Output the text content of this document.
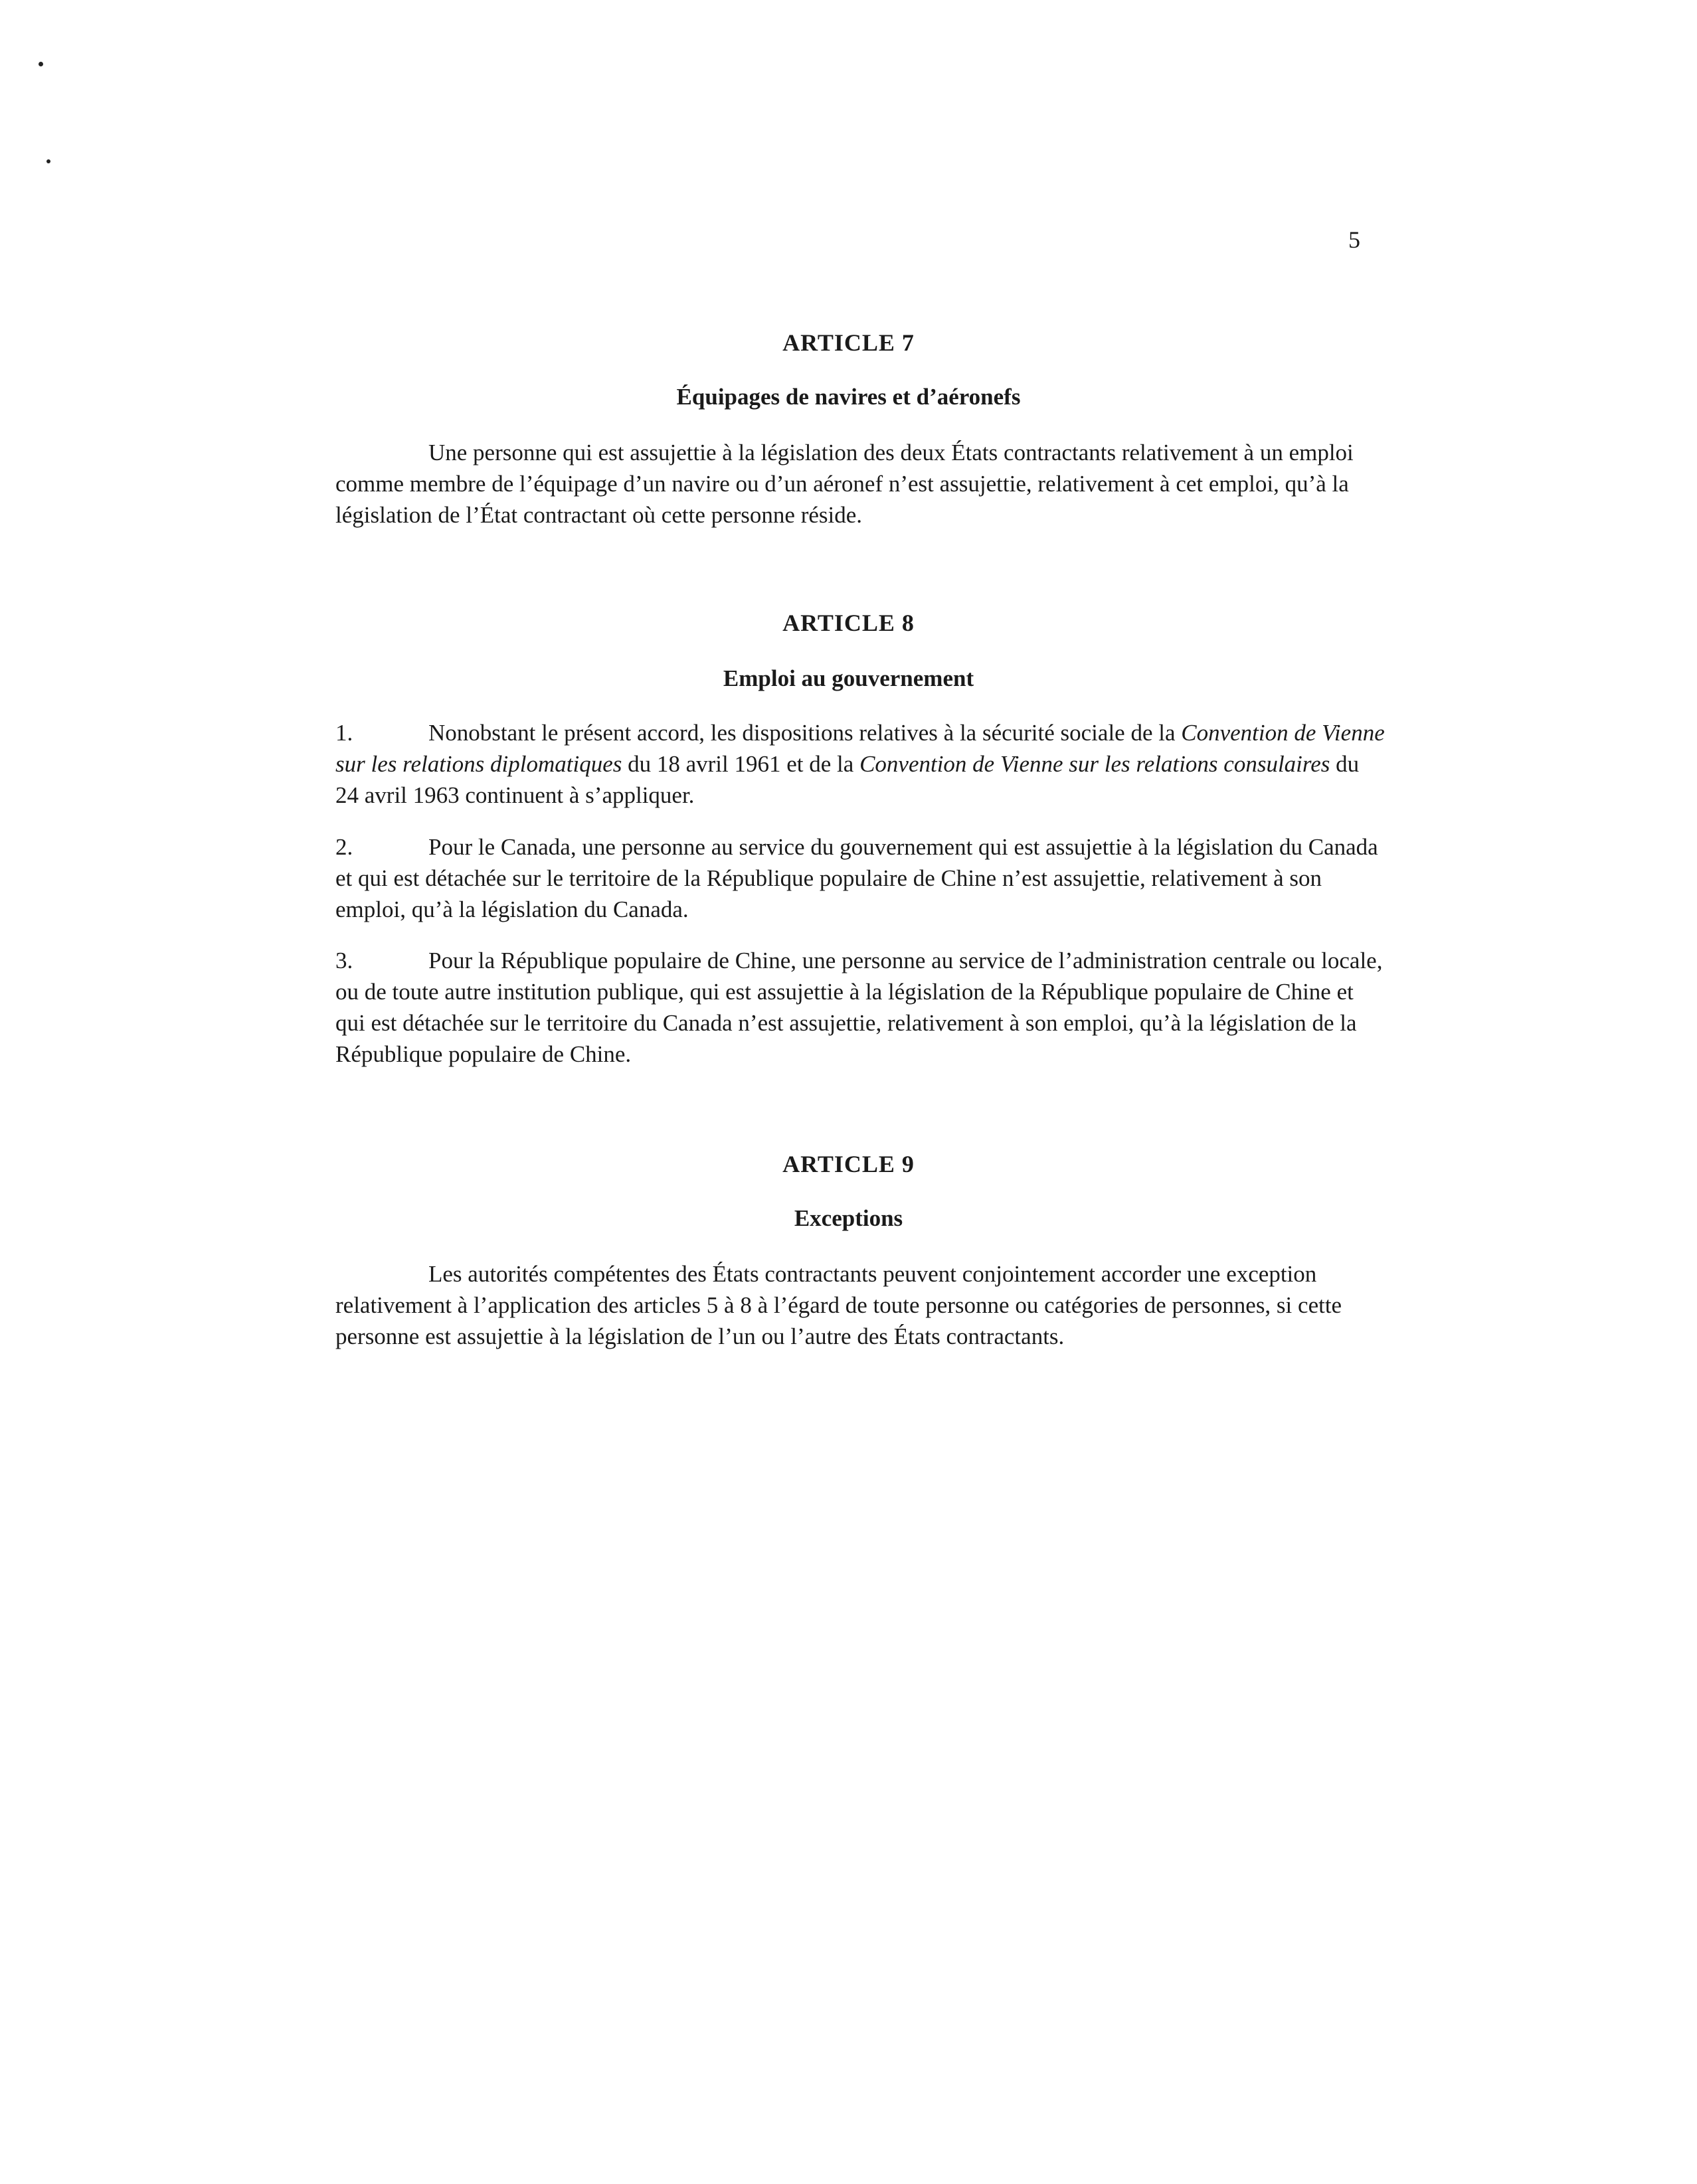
5
ARTICLE 7
Équipages de navires et d’aéronefs
Une personne qui est assujettie à la législation des deux États contractants relativement à un emploi comme membre de l’équipage d’un navire ou d’un aéronef n’est assujettie, relativement à cet emploi, qu’à la législation de l’État contractant où cette personne réside.
ARTICLE 8
Emploi au gouvernement
1.	Nonobstant le présent accord, les dispositions relatives à la sécurité sociale de la Convention de Vienne sur les relations diplomatiques du 18 avril 1961 et de la Convention de Vienne sur les relations consulaires du 24 avril 1963 continuent à s’appliquer.
2.	Pour le Canada, une personne au service du gouvernement qui est assujettie à la législation du Canada et qui est détachée sur le territoire de la République populaire de Chine n’est assujettie, relativement à son emploi, qu’à la législation du Canada.
3.	Pour la République populaire de Chine, une personne au service de l’administration centrale ou locale, ou de toute autre institution publique, qui est assujettie à la législation de la République populaire de Chine et qui est détachée sur le territoire du Canada n’est assujettie, relativement à son emploi, qu’à la législation de la République populaire de Chine.
ARTICLE 9
Exceptions
Les autorités compétentes des États contractants peuvent conjointement accorder une exception relativement à l’application des articles 5 à 8 à l’égard de toute personne ou catégories de personnes, si cette personne est assujettie à la législation de l’un ou l’autre des États contractants.
